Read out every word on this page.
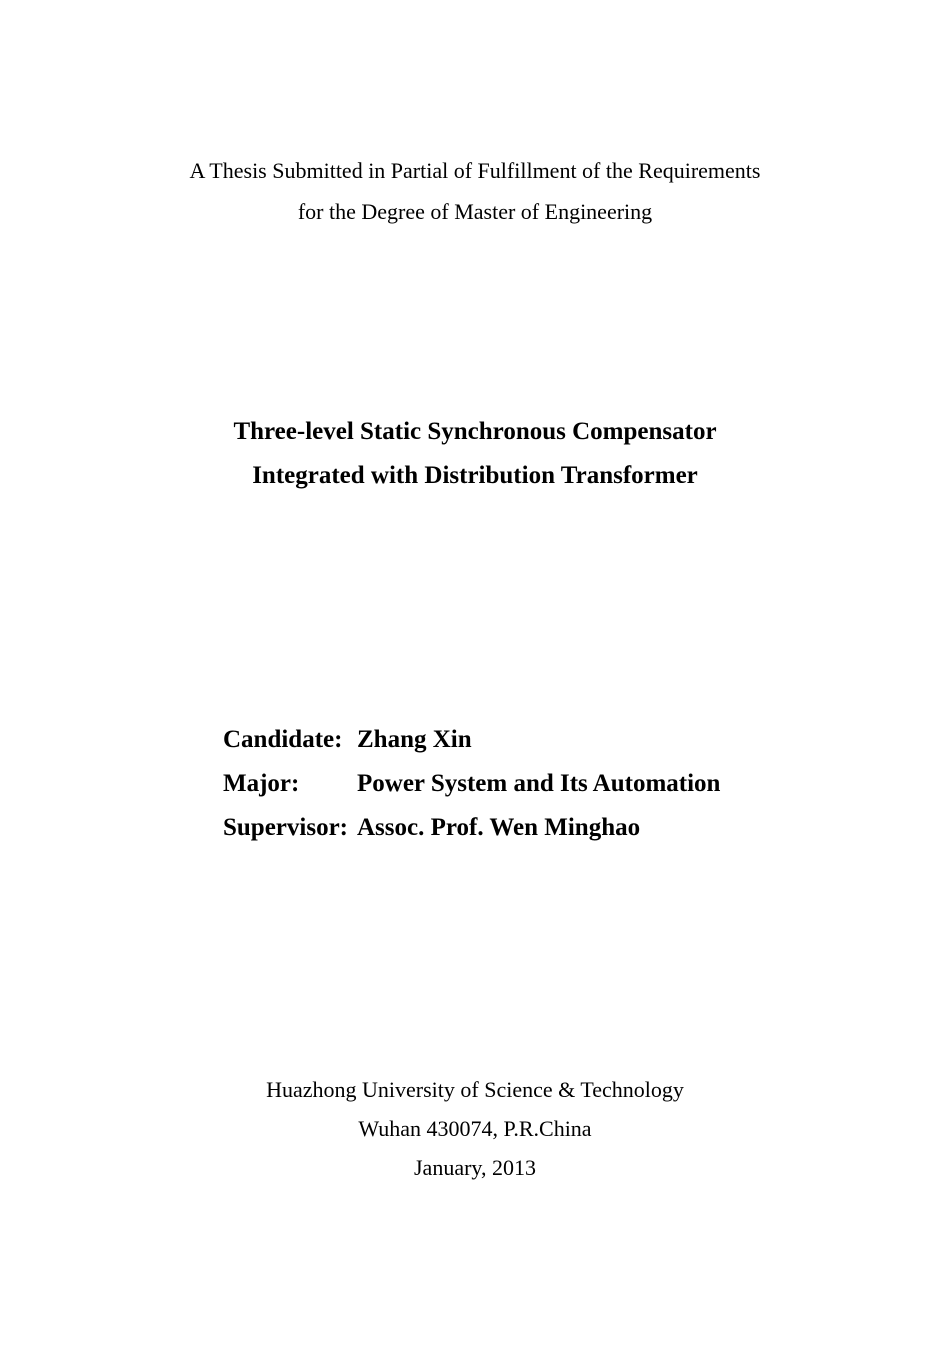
A Thesis Submitted in Partial of Fulfillment of the Requirements
for the Degree of Master of Engineering
Three-level Static Synchronous Compensator
Integrated with Distribution Transformer
Candidate: Zhang Xin
Major: Power System and Its Automation
Supervisor: Assoc. Prof. Wen Minghao
Huazhong University of Science & Technology
Wuhan 430074, P.R.China
January, 2013
